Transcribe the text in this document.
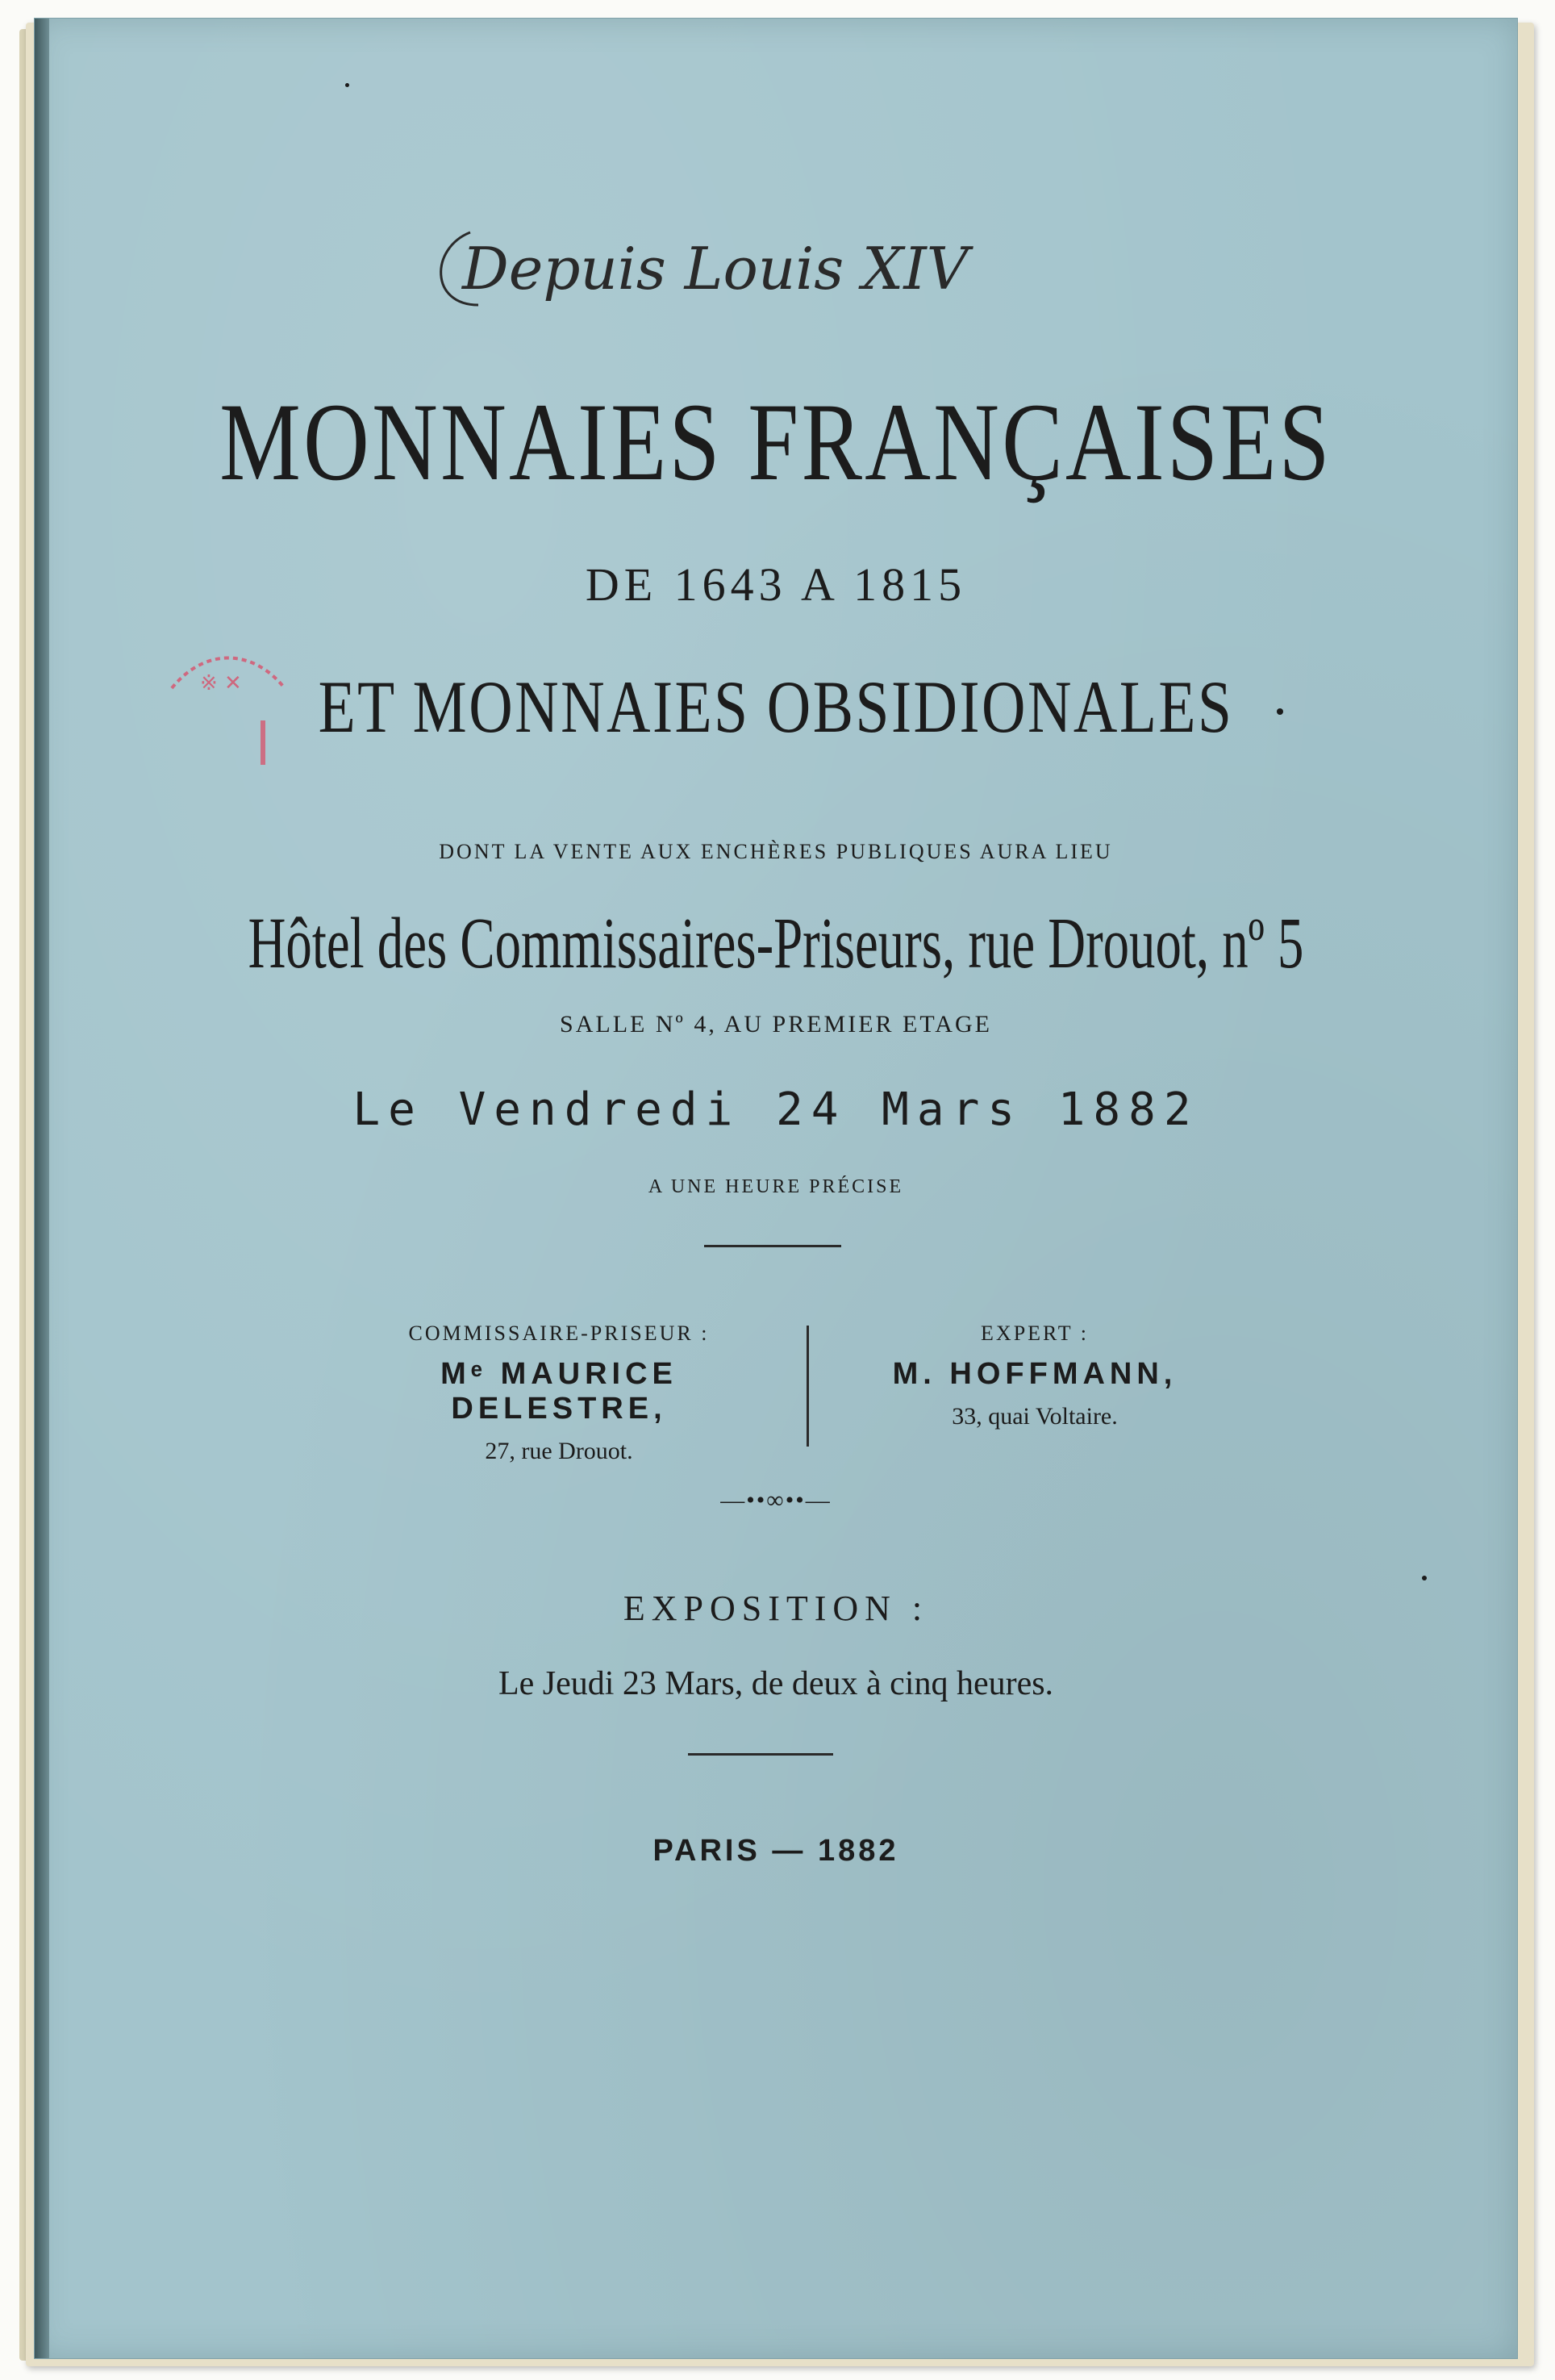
Depuis Louis XIV
※ ✕
MONNAIES FRANÇAISES
DE 1643 A 1815
ET MONNAIES OBSIDIONALES
DONT LA VENTE AUX ENCHÈRES PUBLIQUES AURA LIEU
Hôtel des Commissaires-Priseurs, rue Drouot, nº 5
SALLE Nº 4, AU PREMIER ETAGE
Le Vendredi 24 Mars 1882
A UNE HEURE PRÉCISE
COMMISSAIRE-PRISEUR :
Mᵉ MAURICE DELESTRE,
27, rue Drouot.
EXPERT :
M. HOFFMANN,
33, quai Voltaire.
—••∞••—
EXPOSITION :
Le Jeudi 23 Mars, de deux à cinq heures.
PARIS — 1882
